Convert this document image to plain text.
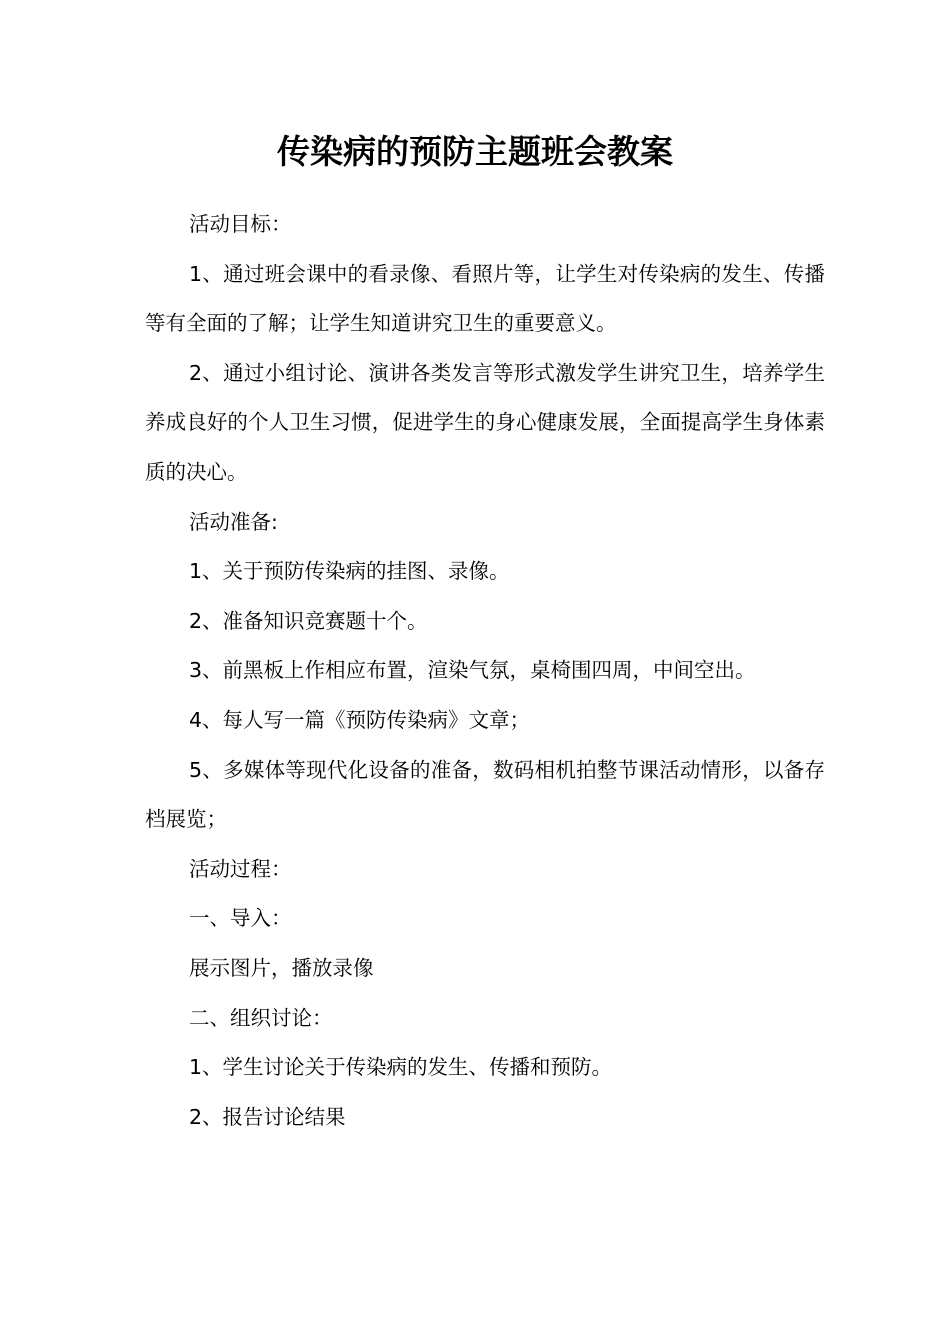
传染病的预防主题班会教案

活动目标：

1、通过班会课中的看录像、看照片等，让学生对传染病的发生、传播等有全面的了解；让学生知道讲究卫生的重要意义。

2、通过小组讨论、演讲各类发言等形式激发学生讲究卫生，培养学生养成良好的个人卫生习惯，促进学生的身心健康发展，全面提高学生身体素质的决心。

活动准备:

1、关于预防传染病的挂图、录像。

2、准备知识竞赛题十个。

3、前黑板上作相应布置，渲染气氛，桌椅围四周，中间空出。

4、每人写一篇《预防传染病》文章；

5、多媒体等现代化设备的准备，数码相机拍整节课活动情形，以备存档展览；

活动过程：

一、导入：

展示图片，播放录像

二、组织讨论：

1、学生讨论关于传染病的发生、传播和预防。

2、报告讨论结果
